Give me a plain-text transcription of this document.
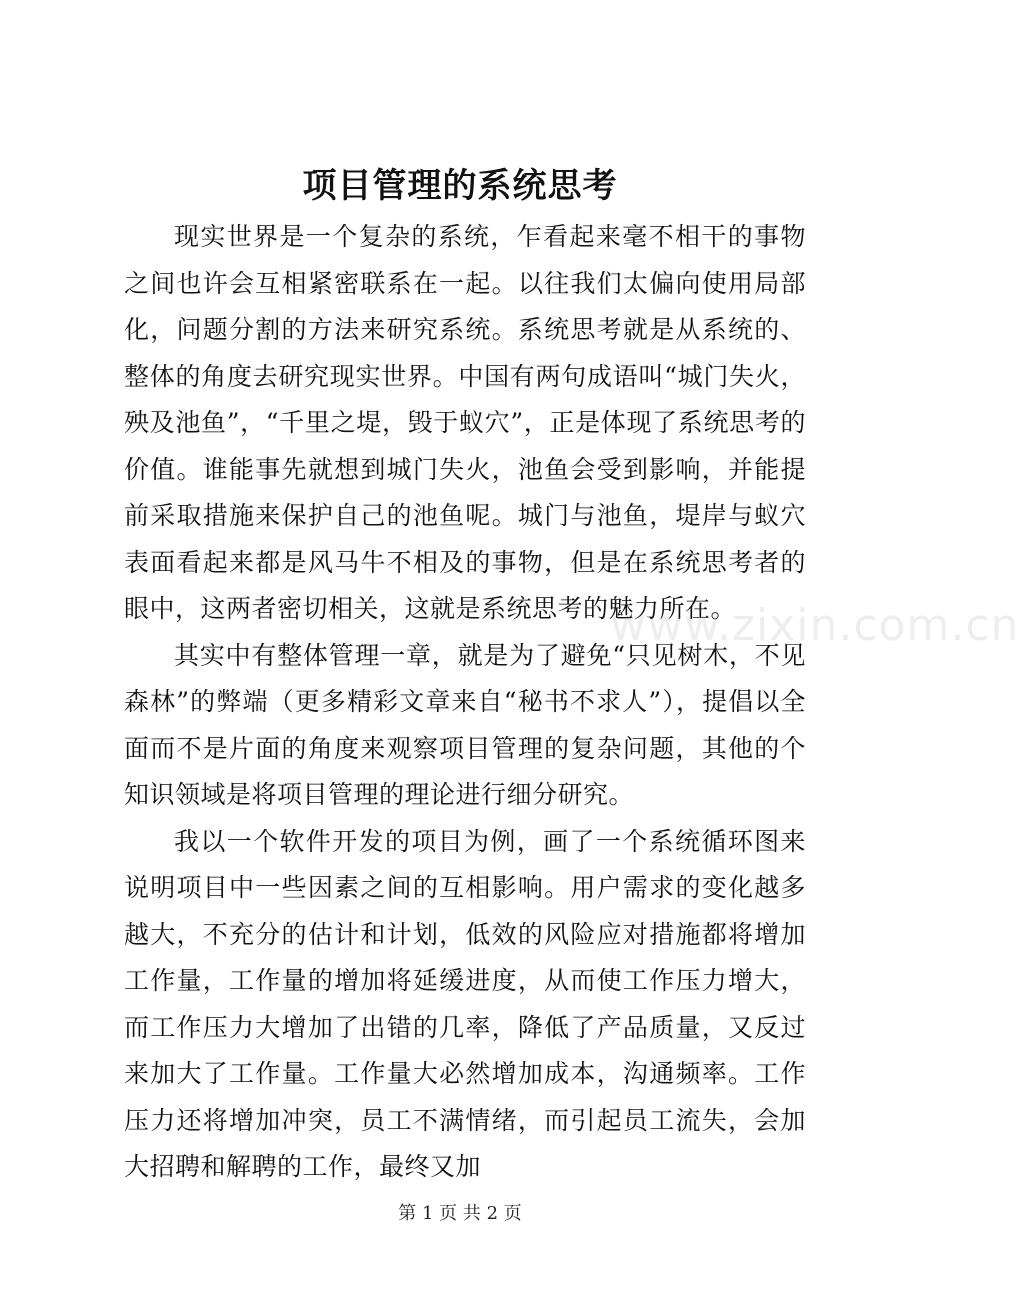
项目管理的系统思考

现实世界是一个复杂的系统，乍看起来毫不相干的事物之间也许会互相紧密联系在一起。以往我们太偏向使用局部化，问题分割的方法来研究系统。系统思考就是从系统的、整体的角度去研究现实世界。中国有两句成语叫“城门失火，殃及池鱼”，“千里之堤，毁于蚁穴”，正是体现了系统思考的价值。谁能事先就想到城门失火，池鱼会受到影响，并能提前采取措施来保护自己的池鱼呢。城门与池鱼，堤岸与蚁穴表面看起来都是风马牛不相及的事物，但是在系统思考者的眼中，这两者密切相关，这就是系统思考的魅力所在。

其实中有整体管理一章，就是为了避免“只见树木，不见森林”的弊端（更多精彩文章来自“秘书不求人”），提倡以全面而不是片面的角度来观察项目管理的复杂问题，其他的个知识领域是将项目管理的理论进行细分研究。

我以一个软件开发的项目为例，画了一个系统循环图来说明项目中一些因素之间的互相影响。用户需求的变化越多越大，不充分的估计和计划，低效的风险应对措施都将增加工作量，工作量的增加将延缓进度，从而使工作压力增大，而工作压力大增加了出错的几率，降低了产品质量，又反过来加大了工作量。工作量大必然增加成本，沟通频率。工作压力还将增加冲突，员工不满情绪，而引起员工流失，会加大招聘和解聘的工作，最终又加

www.zixin.com.cn
第 1 页 共 2 页
